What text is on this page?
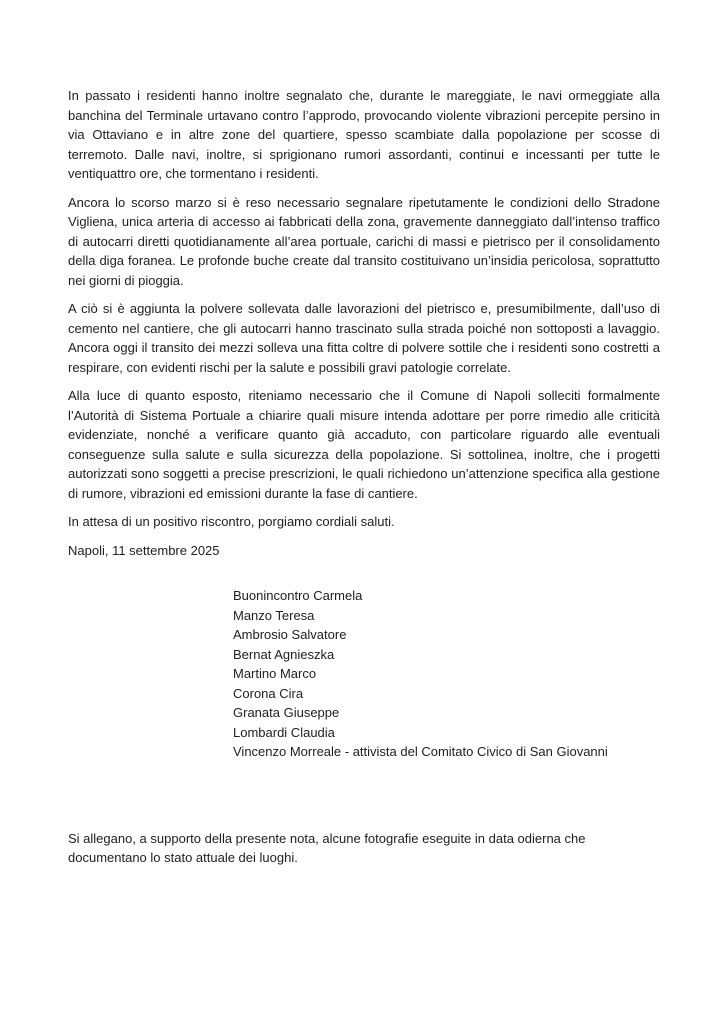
In passato i residenti hanno inoltre segnalato che, durante le mareggiate, le navi ormeggiate alla banchina del Terminale urtavano contro l’approdo, provocando violente vibrazioni percepite persino in via Ottaviano e in altre zone del quartiere, spesso scambiate dalla popolazione per scosse di terremoto. Dalle navi, inoltre, si sprigionano rumori assordanti, continui e incessanti per tutte le ventiquattro ore, che tormentano i residenti.

Ancora lo scorso marzo si è reso necessario segnalare ripetutamente le condizioni dello Stradone Vigliena, unica arteria di accesso ai fabbricati della zona, gravemente danneggiato dall’intenso traffico di autocarri diretti quotidianamente all’area portuale, carichi di massi e pietrisco per il consolidamento della diga foranea. Le profonde buche create dal transito costituivano un’insidia pericolosa, soprattutto nei giorni di pioggia.

A ciò si è aggiunta la polvere sollevata dalle lavorazioni del pietrisco e, presumibilmente, dall’uso di cemento nel cantiere, che gli autocarri hanno trascinato sulla strada poiché non sottoposti a lavaggio. Ancora oggi il transito dei mezzi solleva una fitta coltre di polvere sottile che i residenti sono costretti a respirare, con evidenti rischi per la salute e possibili gravi patologie correlate.

Alla luce di quanto esposto, riteniamo necessario che il Comune di Napoli solleciti formalmente l’Autorità di Sistema Portuale a chiarire quali misure intenda adottare per porre rimedio alle criticità evidenziate, nonché a verificare quanto già accaduto, con particolare riguardo alle eventuali conseguenze sulla salute e sulla sicurezza della popolazione. Si sottolinea, inoltre, che i progetti autorizzati sono soggetti a precise prescrizioni, le quali richiedono un’attenzione specifica alla gestione di rumore, vibrazioni ed emissioni durante la fase di cantiere.

In attesa di un positivo riscontro, porgiamo cordiali saluti.

Napoli, 11 settembre 2025

Buonincontro Carmela

Manzo Teresa

Ambrosio Salvatore

Bernat Agnieszka

Martino Marco

Corona Cira

Granata Giuseppe

Lombardi Claudia

Vincenzo Morreale - attivista del Comitato Civico di San Giovanni

Si allegano, a supporto della presente nota, alcune fotografie eseguite in data odierna che documentano lo stato attuale dei luoghi.
